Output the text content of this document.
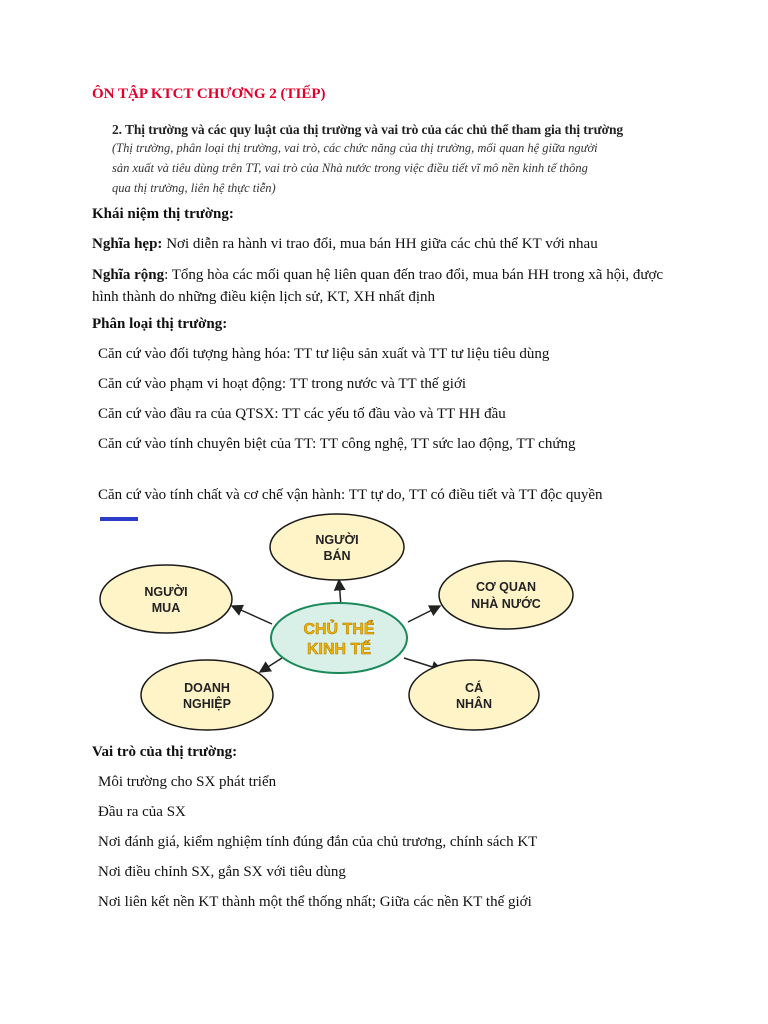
ÔN TẬP KTCT CHƯƠNG 2 (TIẾP)
2. Thị trường và các quy luật của thị trường và vai trò của các chủ thể tham gia thị trường
(Thị trường, phân loại thị trường, vai trò, các chức năng của thị trường, mối quan hệ giữa người
sản xuất và tiêu dùng trên TT, vai trò của Nhà nước trong việc điều tiết vĩ mô nền kinh tế thông
qua thị trường, liên hệ thực tiễn)
Khái niệm thị trường:
Nghĩa hẹp: Nơi diễn ra hành vi trao đổi, mua bán HH giữa các chủ thể KT với nhau
Nghĩa rộng: Tổng hòa các mối quan hệ liên quan đến trao đổi, mua bán HH trong xã hội, được hình thành do những điều kiện lịch sử, KT, XH nhất định
Phân loại thị trường:
Căn cứ vào đối tượng hàng hóa: TT tư liệu sản xuất và TT tư liệu tiêu dùng
Căn cứ vào phạm vi hoạt động: TT trong nước và TT thế giới
Căn cứ vào đầu ra của QTSX: TT các yếu tố đầu vào và TT HH đầu
Căn cứ vào tính chuyên biệt của TT: TT công nghệ, TT sức lao động, TT chứng
Căn cứ vào tính chất và cơ chế vận hành: TT tự do, TT có điều tiết và TT độc quyền
CHỦ THỂ
KINH TẾ
NGƯỜI
BÁN
NGƯỜI
MUA
CƠ QUAN
NHÀ NƯỚC
DOANH
NGHIỆP
CÁ
NHÂN
Vai trò của thị trường:
Môi trường cho SX phát triển
Đầu ra của SX
Nơi đánh giá, kiểm nghiệm tính đúng đắn của chủ trương, chính sách KT
Nơi điều chỉnh SX, gắn SX với tiêu dùng
Nơi liên kết nền KT thành một thể thống nhất; Giữa các nền KT thế giới
